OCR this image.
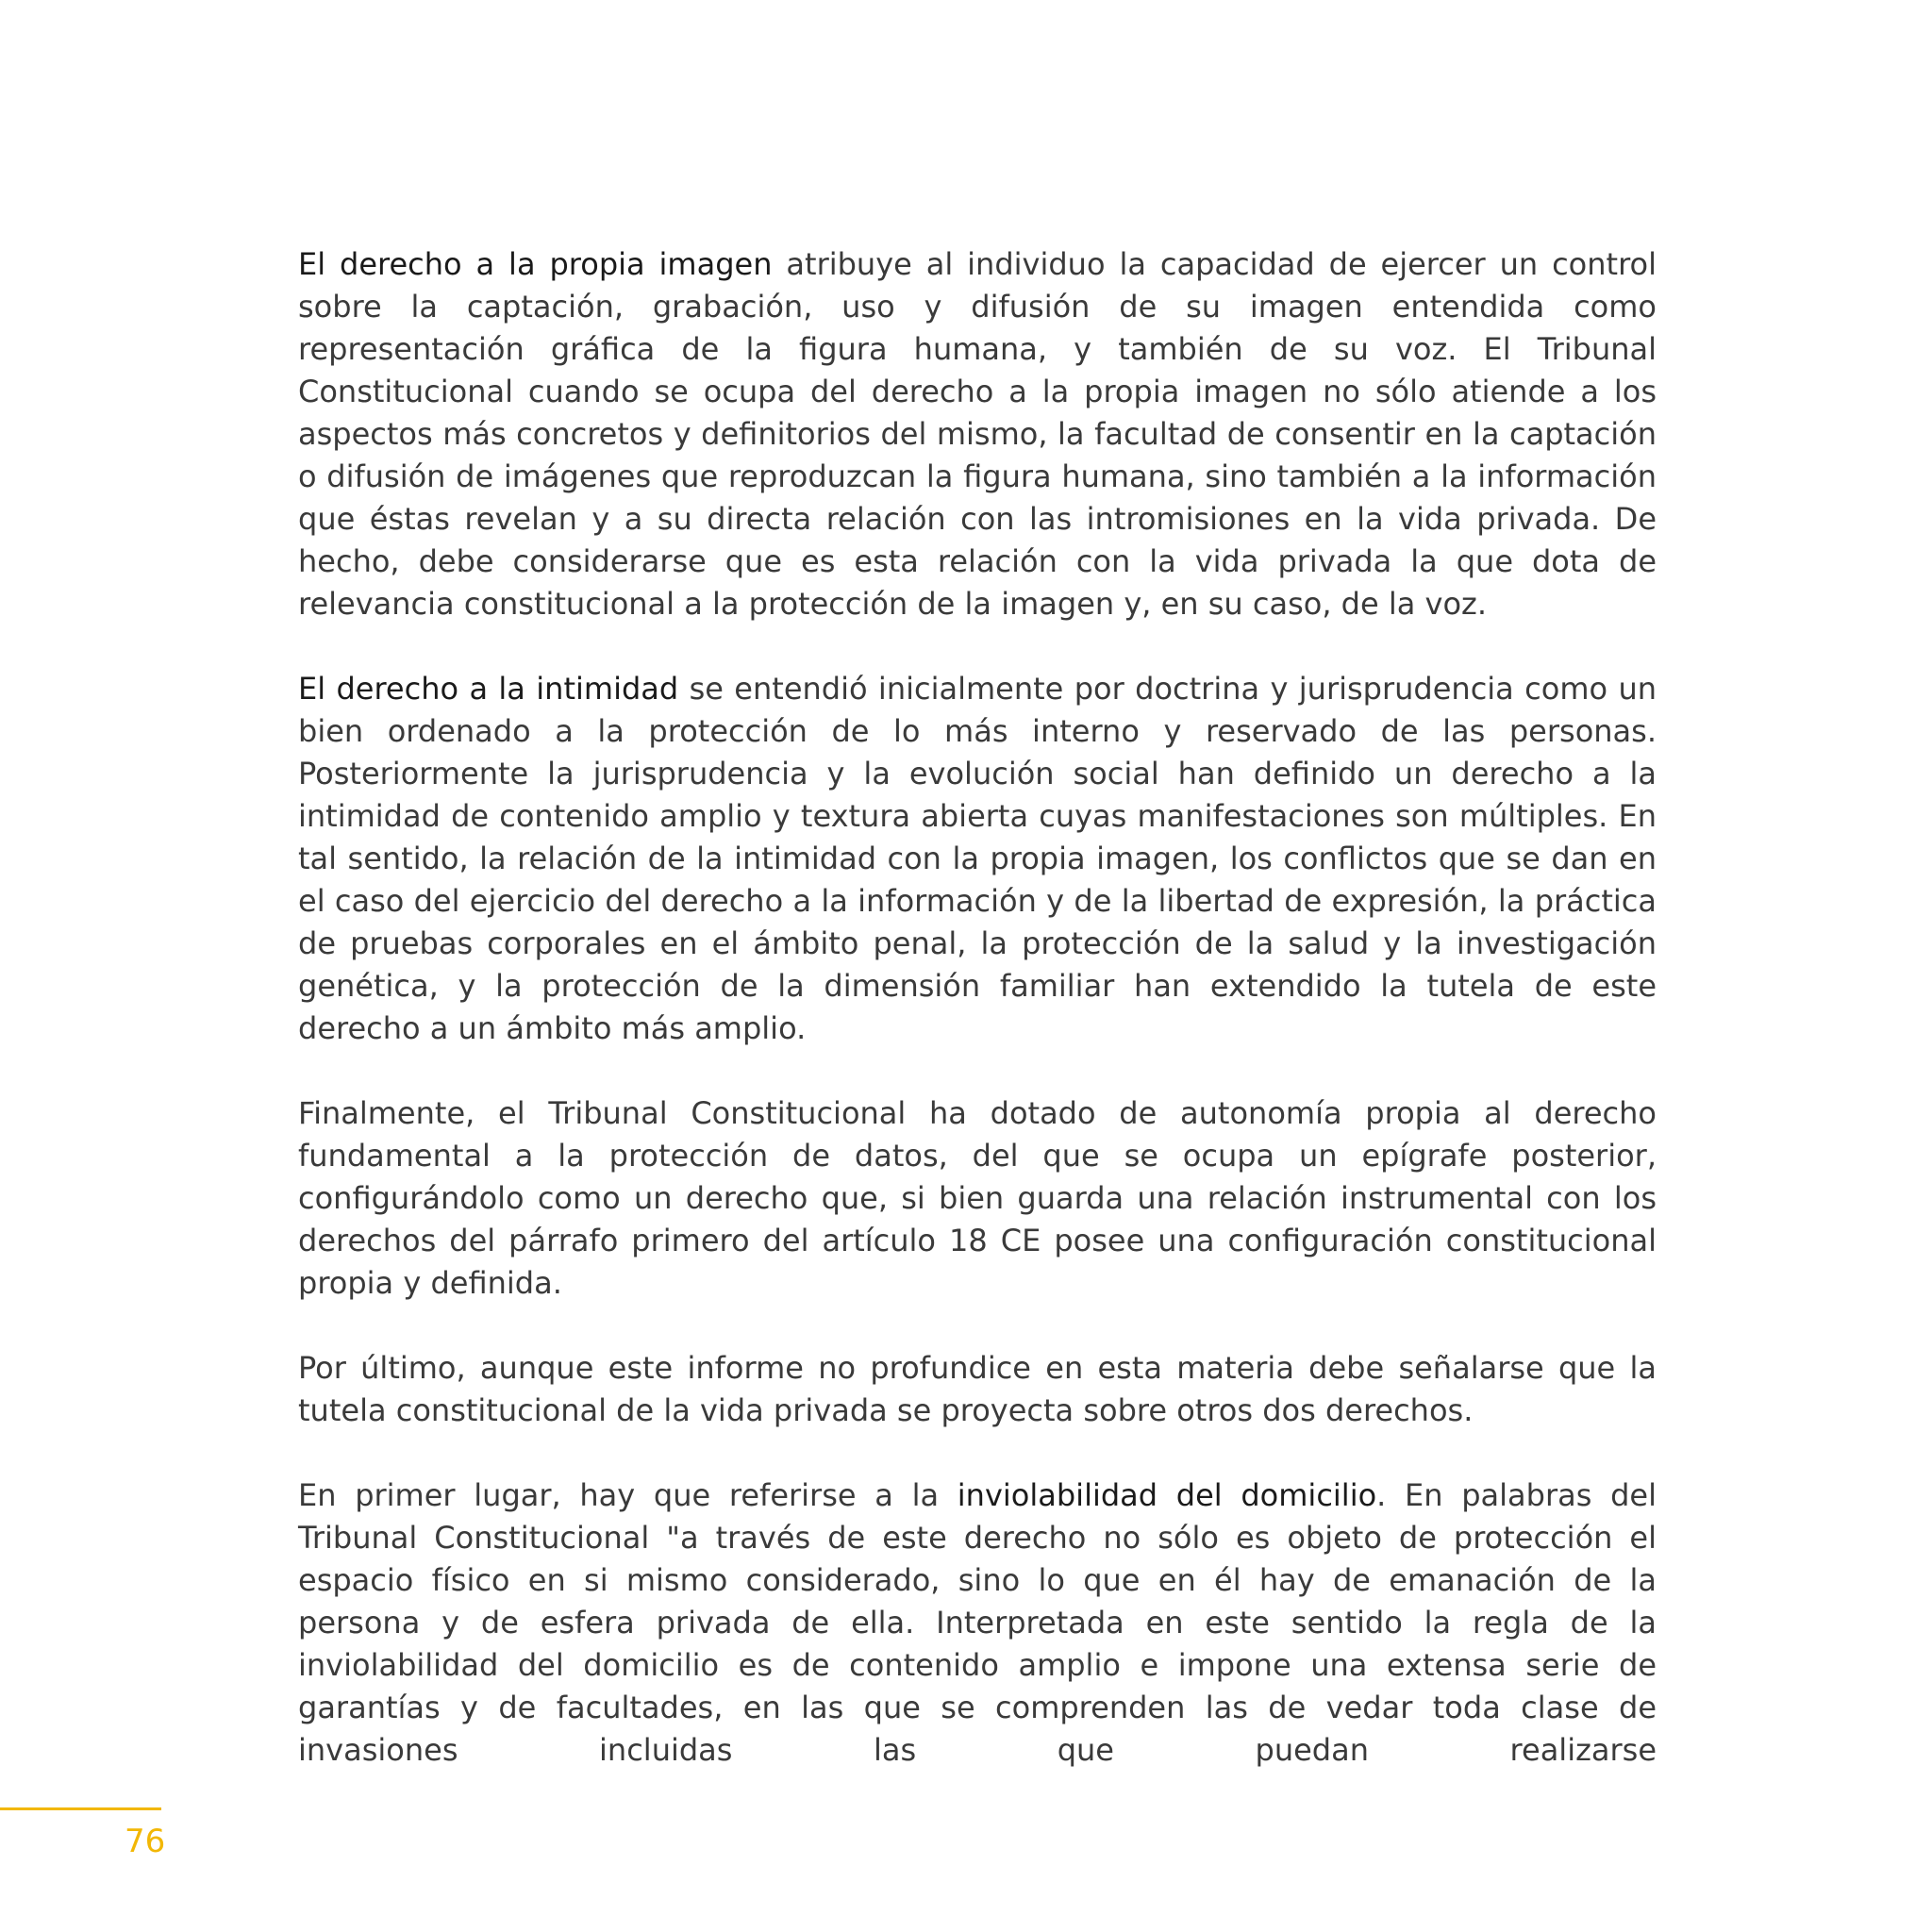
El derecho a la propia imagen atribuye al individuo la capacidad de ejercer un control sobre la captación, grabación, uso y difusión de su imagen entendida como representación gráfica de la figura humana, y también de su voz. El Tribunal Constitucional cuando se ocupa del derecho a la propia imagen no sólo atiende a los aspectos más concretos y definitorios del mismo, la facultad de consentir en la captación o difusión de imágenes que reproduzcan la figura humana, sino también a la información que éstas revelan y a su directa relación con las intromisiones en la vida privada. De hecho, debe considerarse que es esta relación con la vida privada la que dota de relevancia constitucional a la protección de la imagen y, en su caso, de la voz.

El derecho a la intimidad se entendió inicialmente por doctrina y jurisprudencia como un bien ordenado a la protección de lo más interno y reservado de las personas. Posteriormente la jurisprudencia y la evolución social han definido un derecho a la intimidad de contenido amplio y textura abierta cuyas manifestaciones son múltiples. En tal sentido, la relación de la intimidad con la propia imagen, los conflictos que se dan en el caso del ejercicio del derecho a la información y de la libertad de expresión, la práctica de pruebas corporales en el ámbito penal, la protección de la salud y la investigación genética, y la protección de la dimensión familiar han extendido la tutela de este derecho a un ámbito más amplio.

Finalmente, el Tribunal Constitucional ha dotado de autonomía propia al derecho fundamental a la protección de datos, del que se ocupa un epígrafe posterior, configurándolo como un derecho que, si bien guarda una relación instrumental con los derechos del párrafo primero del artículo 18 CE posee una configuración constitucional propia y definida.

Por último, aunque este informe no profundice en esta materia debe señalarse que la tutela constitucional de la vida privada se proyecta sobre otros dos derechos.

En primer lugar, hay que referirse a la inviolabilidad del domicilio. En palabras del Tribunal Constitucional "a través de este derecho no sólo es objeto de protección el espacio físico en si mismo considerado, sino lo que en él hay de emanación de la persona y de esfera privada de ella. Interpretada en este sentido la regla de la inviolabilidad del domicilio es de contenido amplio e impone una extensa serie de garantías y de facultades, en las que se comprenden las de vedar toda clase de invasiones incluidas las que puedan realizarse

76
